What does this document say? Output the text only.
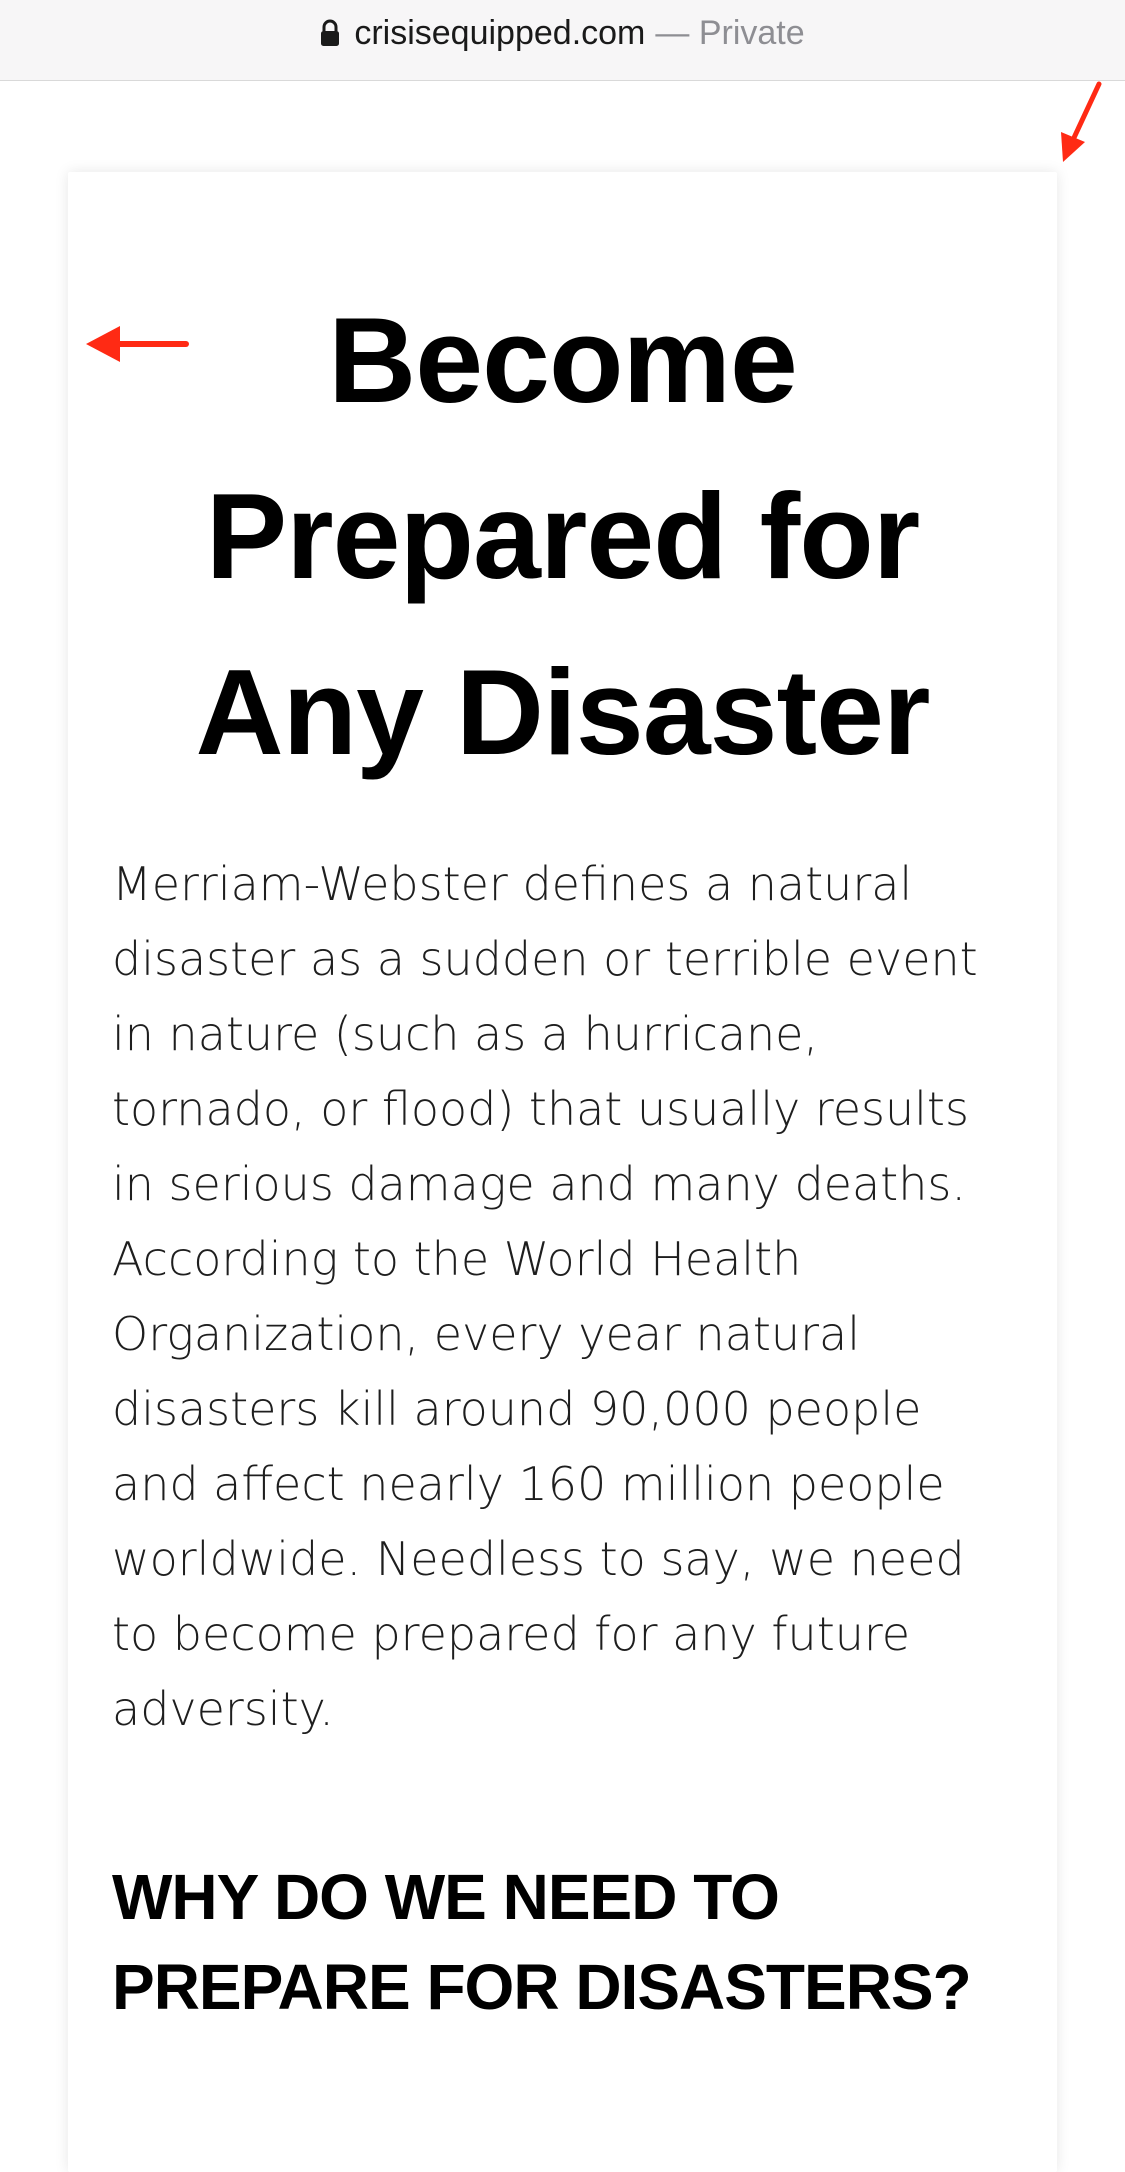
crisisequipped.com — Private
Become
Prepared for
Any Disaster

Merriam-Webster defines a natural disaster as a sudden or terrible event in nature (such as a hurricane, tornado, or flood) that usually results in serious damage and many deaths. According to the World Health Organization, every year natural disasters kill around 90,000 people and affect nearly 160 million people worldwide. Needless to say, we need to become prepared for any future adversity.

WHY DO WE NEED TO PREPARE FOR DISASTERS?
